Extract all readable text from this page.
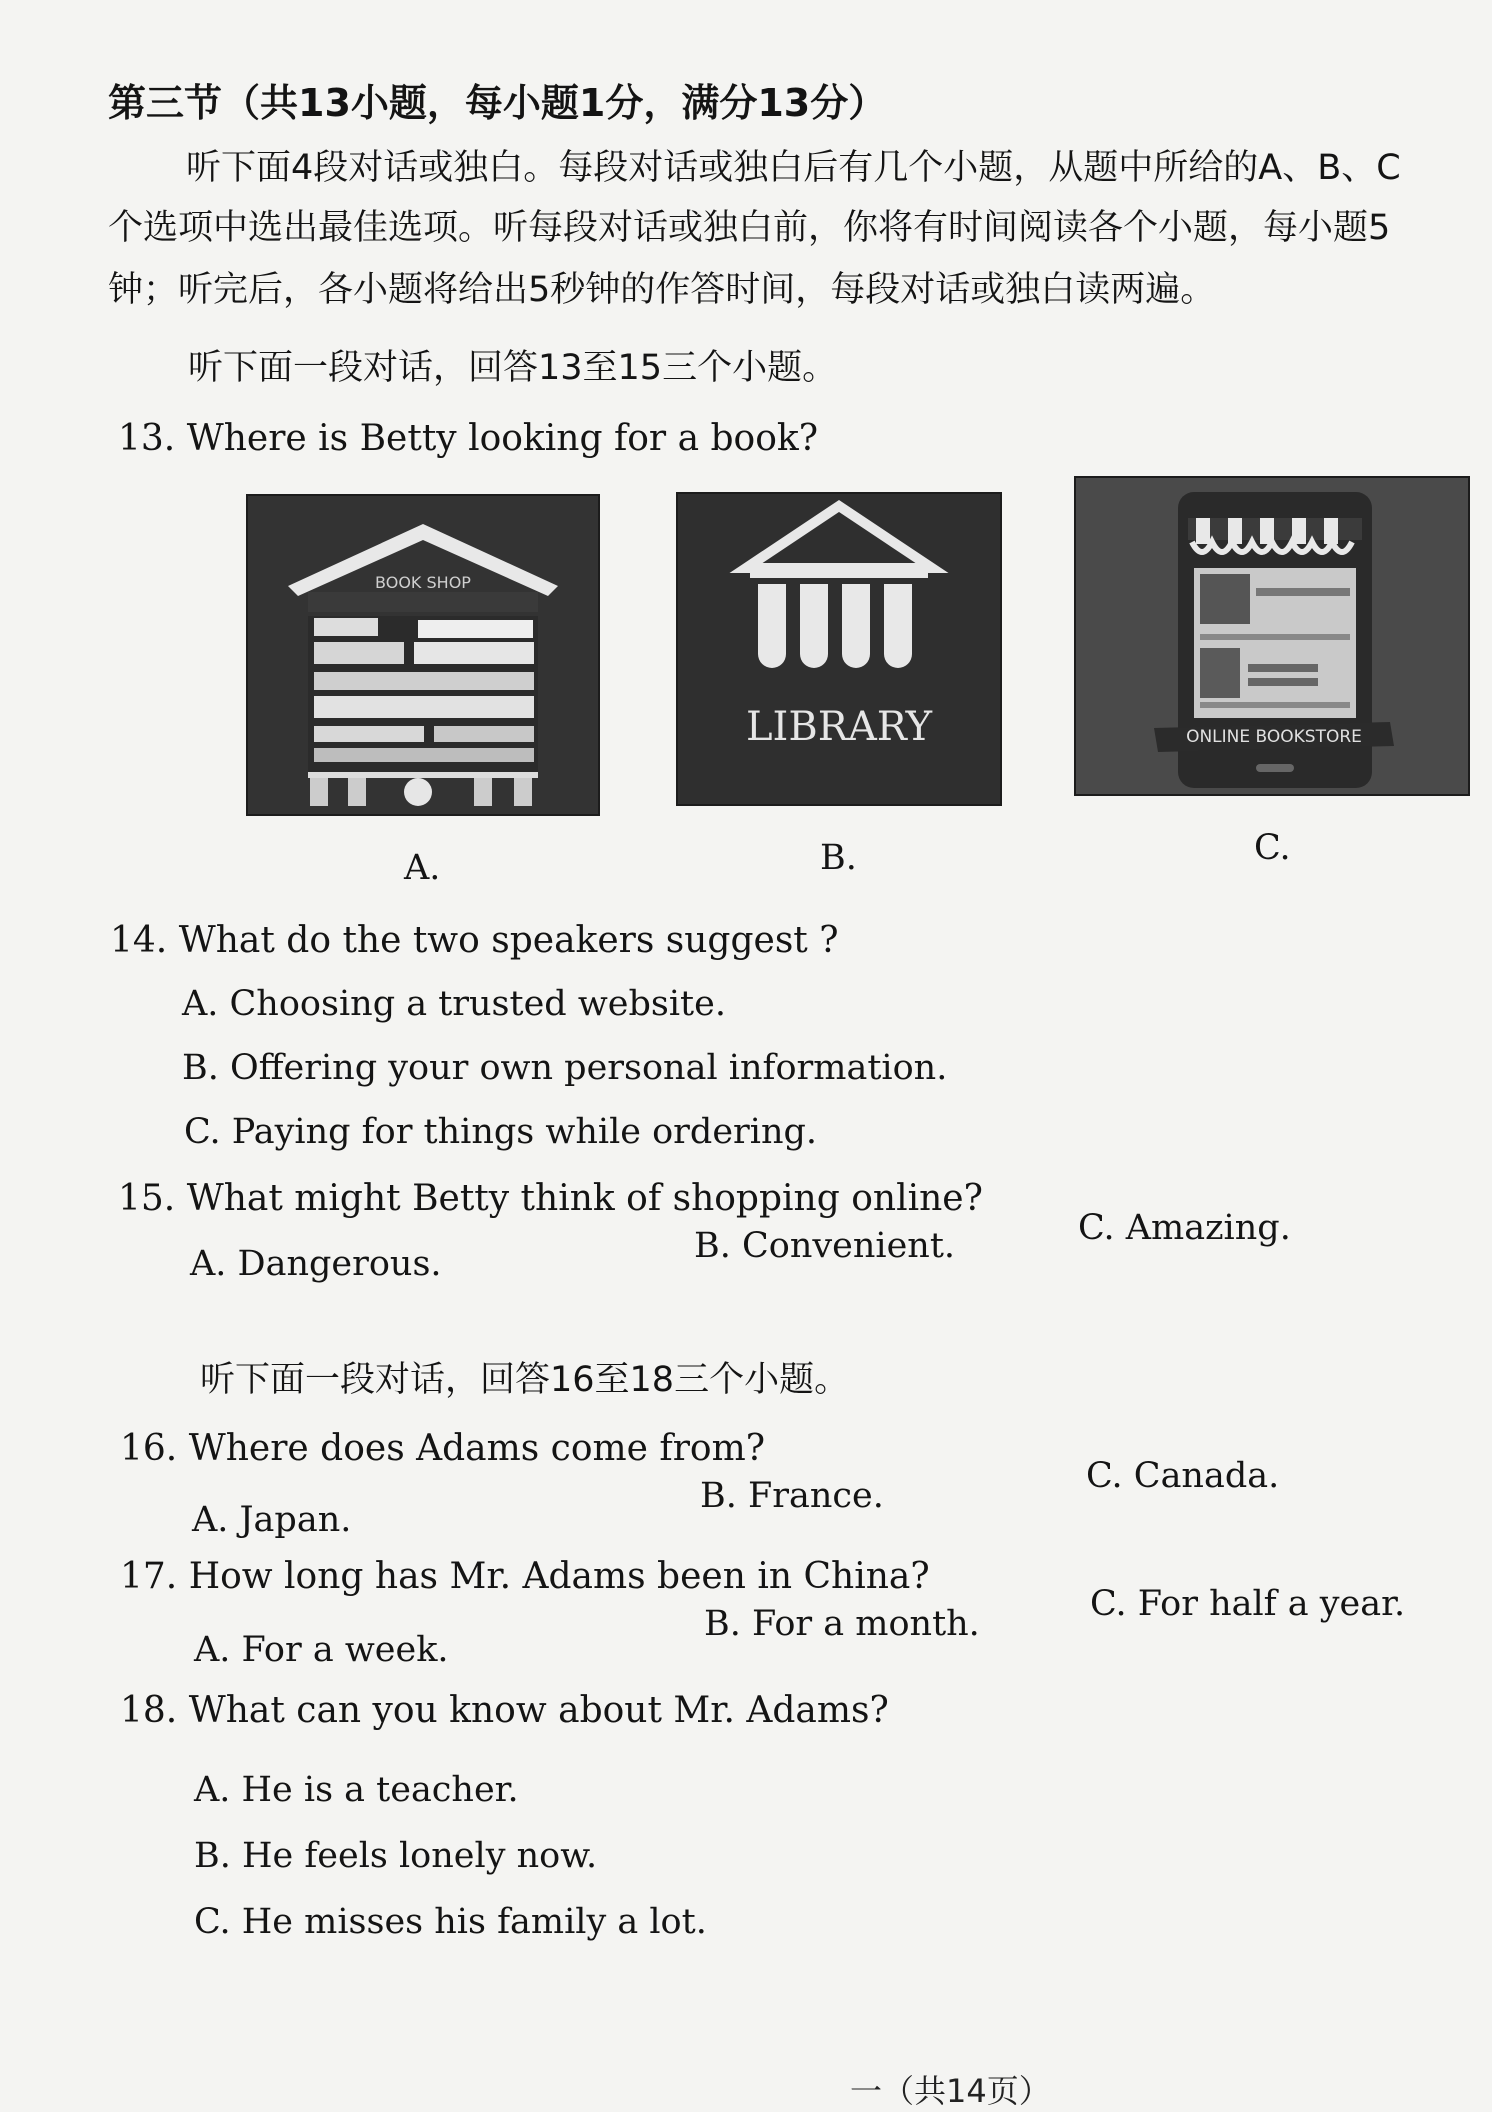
第三节（共13小题，每小题1分，满分13分）
听下面4段对话或独白。每段对话或独白后有几个小题，从题中所给的A、B、C
个选项中选出最佳选项。听每段对话或独白前，你将有时间阅读各个小题，每小题5
钟；听完后，各小题将给出5秒钟的作答时间，每段对话或独白读两遍。
听下面一段对话，回答13至15三个小题。
13. Where is Betty looking for a book?
BOOK SHOP
A.
LIBRARY
B.
ONLINE BOOKSTORE
C.
14. What do the two speakers suggest ?
A. Choosing a trusted website.
B. Offering your own personal information.
C. Paying for things while ordering.
15. What might Betty think of shopping online?
A. Dangerous.	B. Convenient.	C. Amazing.
听下面一段对话，回答16至18三个小题。
16. Where does Adams come from?
A. Japan.
B. France.	C. Canada.
17. How long has Mr. Adams been in China?
A. For a week.
B. For a month.	C. For half a year.
18. What can you know about Mr. Adams?
A. He is a teacher.
B. He feels lonely now.
C. He misses his family a lot.
一（共14页）
